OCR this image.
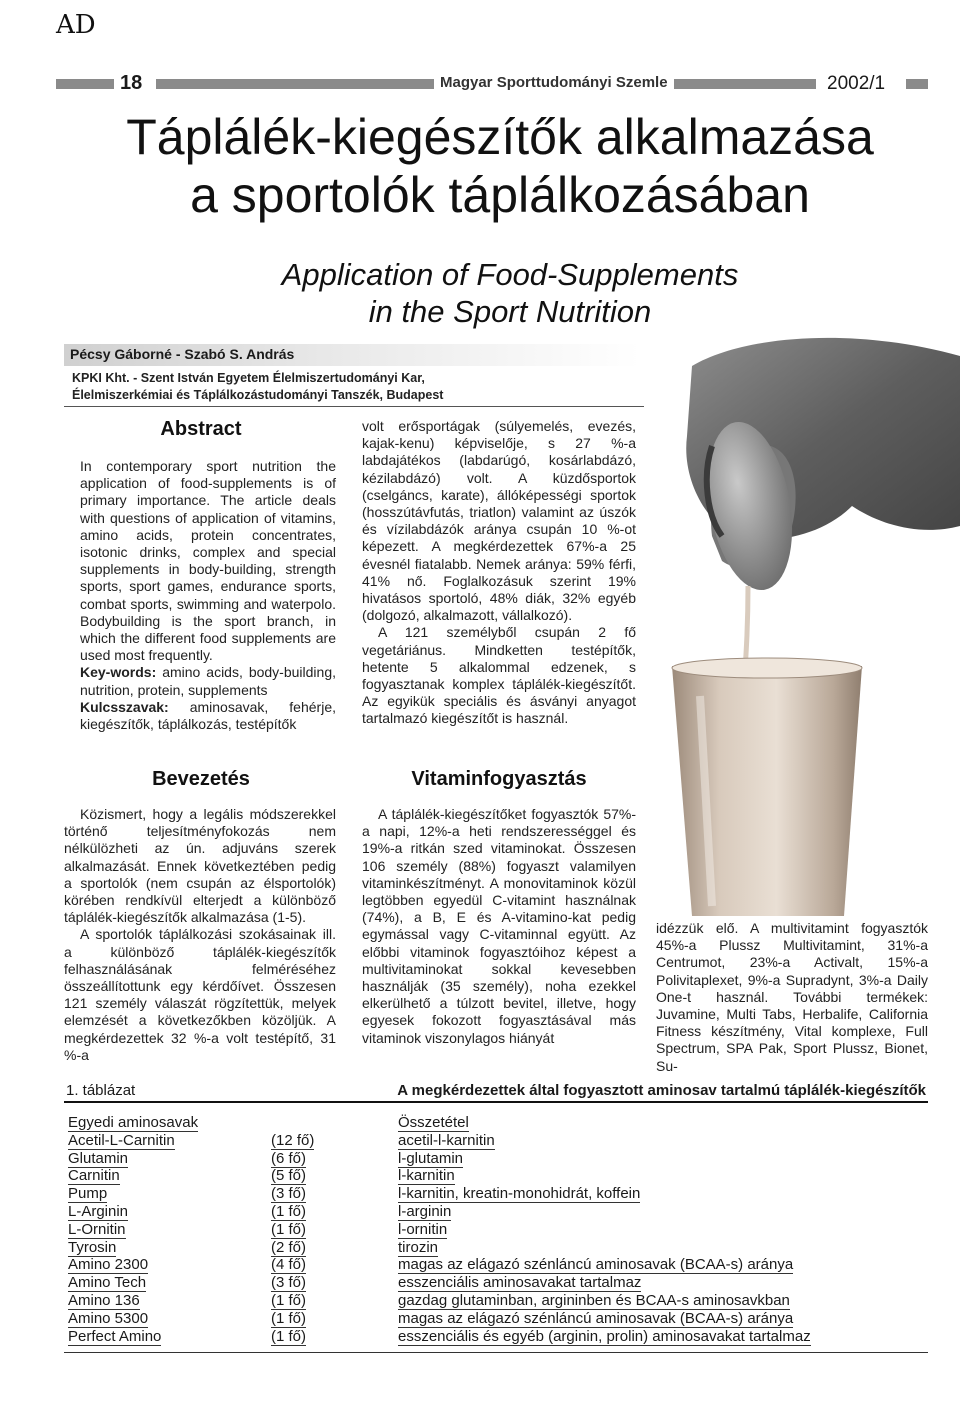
AD
18	Magyar Sporttudományi Szemle	2002/1
Táplálék-kiegészítők alkalmazása
a sportolók táplálkozásában
Application of Food-Supplements
in the Sport Nutrition
Pécsy Gáborné - Szabó S. András
KPKI Kht. - Szent István Egyetem Élelmiszertudományi Kar,
Élelmiszerkémiai és Táplálkozástudományi Tanszék, Budapest
Abstract

In contemporary sport nutrition the application of food-supplements is of primary importance. The article deals with questions of application of vitamins, amino acids, protein concentrates, isotonic drinks, complex and special supplements in body-building, strength sports, sport games, endurance sports, combat sports, swimming and waterpolo. Bodybuilding is the sport branch, in which the different food supplements are used most frequently.

Key-words: amino acids, body-building, nutrition, protein, supplements

Kulcsszavak: aminosavak, fehérje, kiegészítők, táplálkozás, testépítők

Bevezetés

Közismert, hogy a legális módszerekkel történő teljesítményfokozás nem nélkülözheti az ún. adjuváns szerek alkalmazását. Ennek következtében pedig a sportolók (nem csupán az élsportolók) körében rendkívül elterjedt a különböző táplálék-kiegészítők alkalmazása (1-5).

A sportolók táplálkozási szokásainak ill. a különböző táplálék-kiegészítők felhasználásának felméréséhez összeállítottunk egy kérdőívet. Összesen 121 személy válaszát rögzítettük, melyek elemzését a következőkben közöljük. A megkérdezettek 32 %-a volt testépítő, 31 %-a

volt erősportágak (súlyemelés, evezés, kajak-kenu) képviselője, s 27 %-a labdajátékos (labdarúgó, kosárlabdázó, kézilabdázó) volt. A küzdősportok (cselgáncs, karate), állóképességi sportok (hosszútávfutás, triatlon) valamint az úszók és vízilabdázók aránya csupán 10 %-ot képezett. A megkérdezettek 67%-a 25 évesnél fiatalabb. Nemek aránya: 59% férfi, 41% nő. Foglalkozásuk szerint 19% hivatásos sportoló, 48% diák, 32% egyéb (dolgozó, alkalmazott, vállalkozó).

A 121 személyből csupán 2 fő vegetáriánus. Mindketten testépítők, hetente 5 alkalommal edzenek, s fogyasztanak komplex táplálék-kiegészítőt. Az egyikük speciális és ásványi anyagot tartalmazó kiegészítőt is használ.

Vitaminfogyasztás

A táplálék-kiegészítőket fogyasztók 57%-a napi, 12%-a heti rendszerességgel és 19%-a ritkán szed vitaminokat. Összesen 106 személy (88%) fogyaszt valamilyen vitaminkészítményt. A monovitaminok közül legtöbben egyedül C-vitamint használnak (74%), a B, E és A-vitamino-kat pedig egymással vagy C-vitaminnal együtt. Az előbbi vitaminok fogyasztóihoz képest a multivitaminokat sokkal kevesebben használják (35 személy), noha ezekkel elkerülhető a túlzott bevitel, illetve, hogy egyesek fokozott fogyasztásával más vitaminok viszonylagos hiányát

idézzük elő. A multivitamint fogyasztók 45%-a Plussz Multivitamint, 31%-a Centrumot, 23%-a Activalt, 15%-a Polivitaplexet, 9%-a Supradynt, 3%-a Daily One-t használ. További termékek: Juvamine, Multi Tabs, Herbalife, California Fitness készítmény, Vital komplexe, Full Spectrum, SPA Pak, Sport Plussz, Bionet, Su-

1. táblázat	A megkérdezettek által fogyasztott aminosav tartalmú táplálék-kiegészítők
Egyedi aminosavak	Összetétel
Acetil-L-Carnitin	(12 fő)	acetil-l-karnitin
Glutamin	(6 fő)	l-glutamin
Carnitin	(5 fő)	l-karnitin
Pump	(3 fő)	l-karnitin, kreatin-monohidrát, koffein
L-Arginin	(1 fő)	l-arginin
L-Ornitin	(1 fő)	l-ornitin
Tyrosin	(2 fő)	tirozin
Amino 2300	(4 fő)	magas az elágazó szénláncú aminosavak (BCAA-s) aránya
Amino Tech	(3 fő)	esszenciális aminosavakat tartalmaz
Amino 136	(1 fő)	gazdag glutaminban, argininben és BCAA-s aminosavkban
Amino 5300	(1 fő)	magas az elágazó szénláncú aminosavak (BCAA-s) aránya
Perfect Amino	(1 fő)	esszenciális és egyéb (arginin, prolin) aminosavakat tartalmaz
